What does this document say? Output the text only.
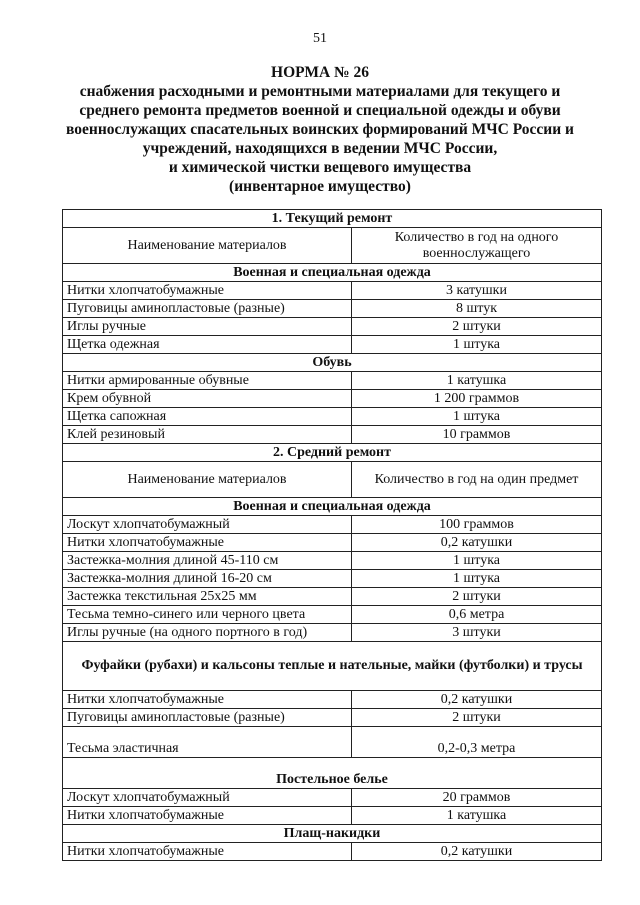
51
НОРМА № 26
снабжения расходными и ремонтными материалами для текущего и
среднего ремонта предметов военной и специальной одежды и обуви
военнослужащих спасательных воинских формирований МЧС России и
учреждений, находящихся в ведении МЧС России,
и химической чистки вещевого имущества
(инвентарное имущество)
1. Текущий ремонт	
Наименование материалов	Количество в год на одного военнослужащего
Военная и специальная одежда	
Нитки хлопчатобумажные	3 катушки
Пуговицы аминопластовые (разные)	8 штук
Иглы ручные	2 штуки
Щетка одежная	1 штука
Обувь	
Нитки армированные обувные	1 катушка
Крем обувной	1 200 граммов
Щетка сапожная	1 штука
Клей резиновый	10 граммов
2. Средний ремонт	
Наименование материалов	Количество в год на один предмет
Военная и специальная одежда	
Лоскут хлопчатобумажный	100 граммов
Нитки хлопчатобумажные	0,2 катушки
Застежка-молния длиной 45-110 см	1 штука
Застежка-молния длиной 16-20 см	1 штука
Застежка текстильная 25x25 мм	2 штуки
Тесьма темно-синего или черного цвета	0,6 метра
Иглы ручные (на одного портного в год)	3 штуки
Фуфайки (рубахи) и кальсоны теплые и нательные, майки (футболки) и трусы	
Нитки хлопчатобумажные	0,2 катушки
Пуговицы аминопластовые (разные)	2 штуки
Тесьма эластичная	0,2-0,3 метра
Постельное белье	
Лоскут хлопчатобумажный	20 граммов
Нитки хлопчатобумажные	1 катушка
Плащ-накидки	
Нитки хлопчатобумажные	0,2 катушки
